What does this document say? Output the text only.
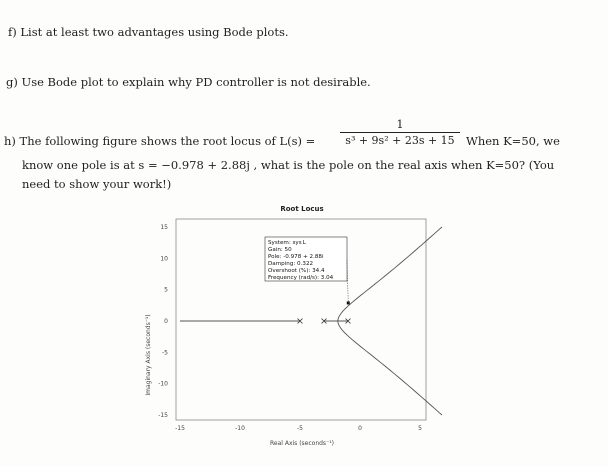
f) List at least two advantages using Bode plots.
g) Use Bode plot to explain why PD controller is not desirable.
h) The following figure shows the root locus of L(s) =
1
s³ + 9s² + 23s + 15 When K=50, we
know one pole is at s = −0.978 + 2.88j , what is the pole on the real axis when K=50? (You
need to show your work!)
Root Locus
15
10
5
0
-5
-10
-15
-15	-10	-5	0	5
Imaginary Axis (seconds⁻¹)
Real Axis (seconds⁻¹)
System: sys L
Gain: 50
Pole: -0.978 + 2.88i
Damping: 0.322
Overshoot (%): 34.4
Frequency (rad/s): 3.04
